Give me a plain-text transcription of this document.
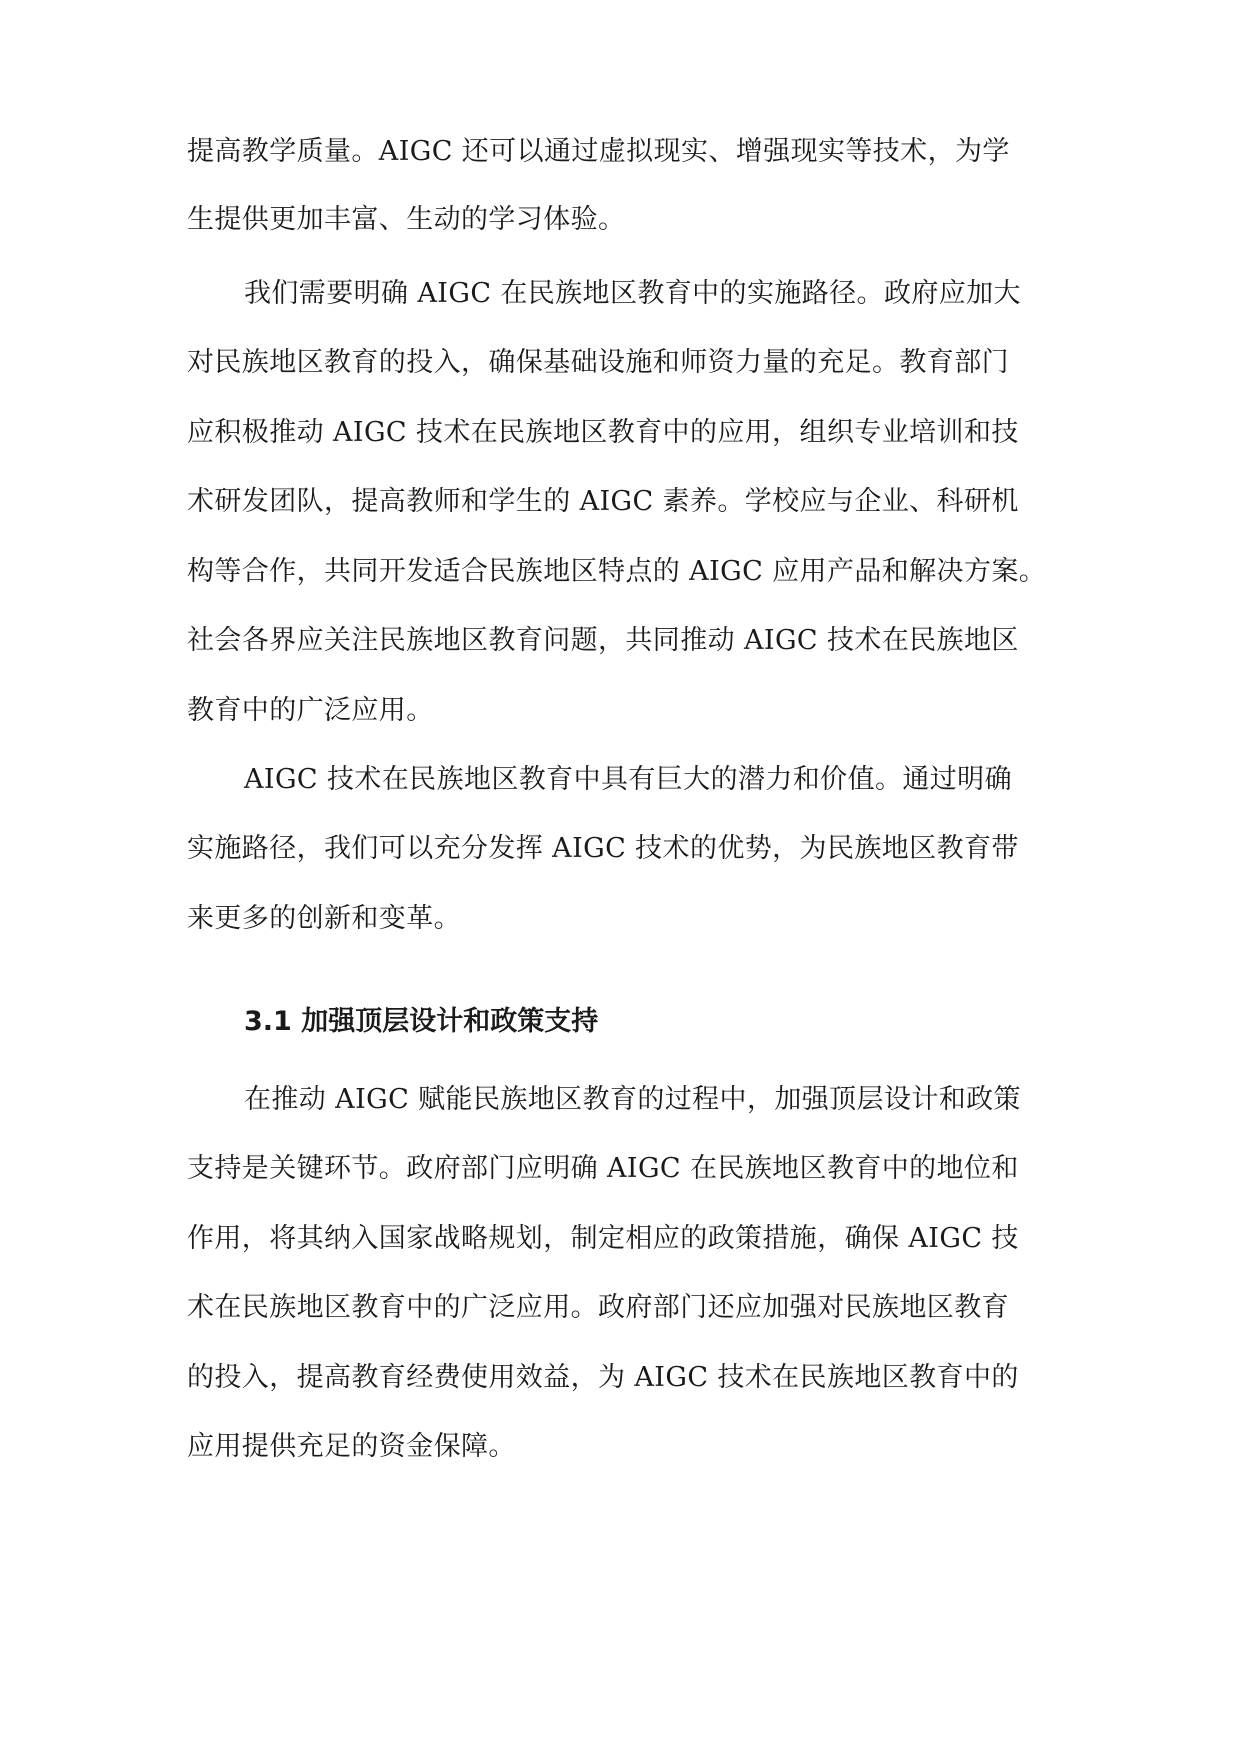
提高教学质量。AIGC 还可以通过虚拟现实、增强现实等技术，为学
生提供更加丰富、生动的学习体验。
我们需要明确 AIGC 在民族地区教育中的实施路径。政府应加大
对民族地区教育的投入，确保基础设施和师资力量的充足。教育部门
应积极推动 AIGC 技术在民族地区教育中的应用，组织专业培训和技
术研发团队，提高教师和学生的 AIGC 素养。学校应与企业、科研机
构等合作，共同开发适合民族地区特点的 AIGC 应用产品和解决方案。
社会各界应关注民族地区教育问题，共同推动 AIGC 技术在民族地区
教育中的广泛应用。
AIGC 技术在民族地区教育中具有巨大的潜力和价值。通过明确
实施路径，我们可以充分发挥 AIGC 技术的优势，为民族地区教育带
来更多的创新和变革。
3.1 加强顶层设计和政策支持
在推动 AIGC 赋能民族地区教育的过程中，加强顶层设计和政策
支持是关键环节。政府部门应明确 AIGC 在民族地区教育中的地位和
作用，将其纳入国家战略规划，制定相应的政策措施，确保 AIGC 技
术在民族地区教育中的广泛应用。政府部门还应加强对民族地区教育
的投入，提高教育经费使用效益，为 AIGC 技术在民族地区教育中的
应用提供充足的资金保障。
